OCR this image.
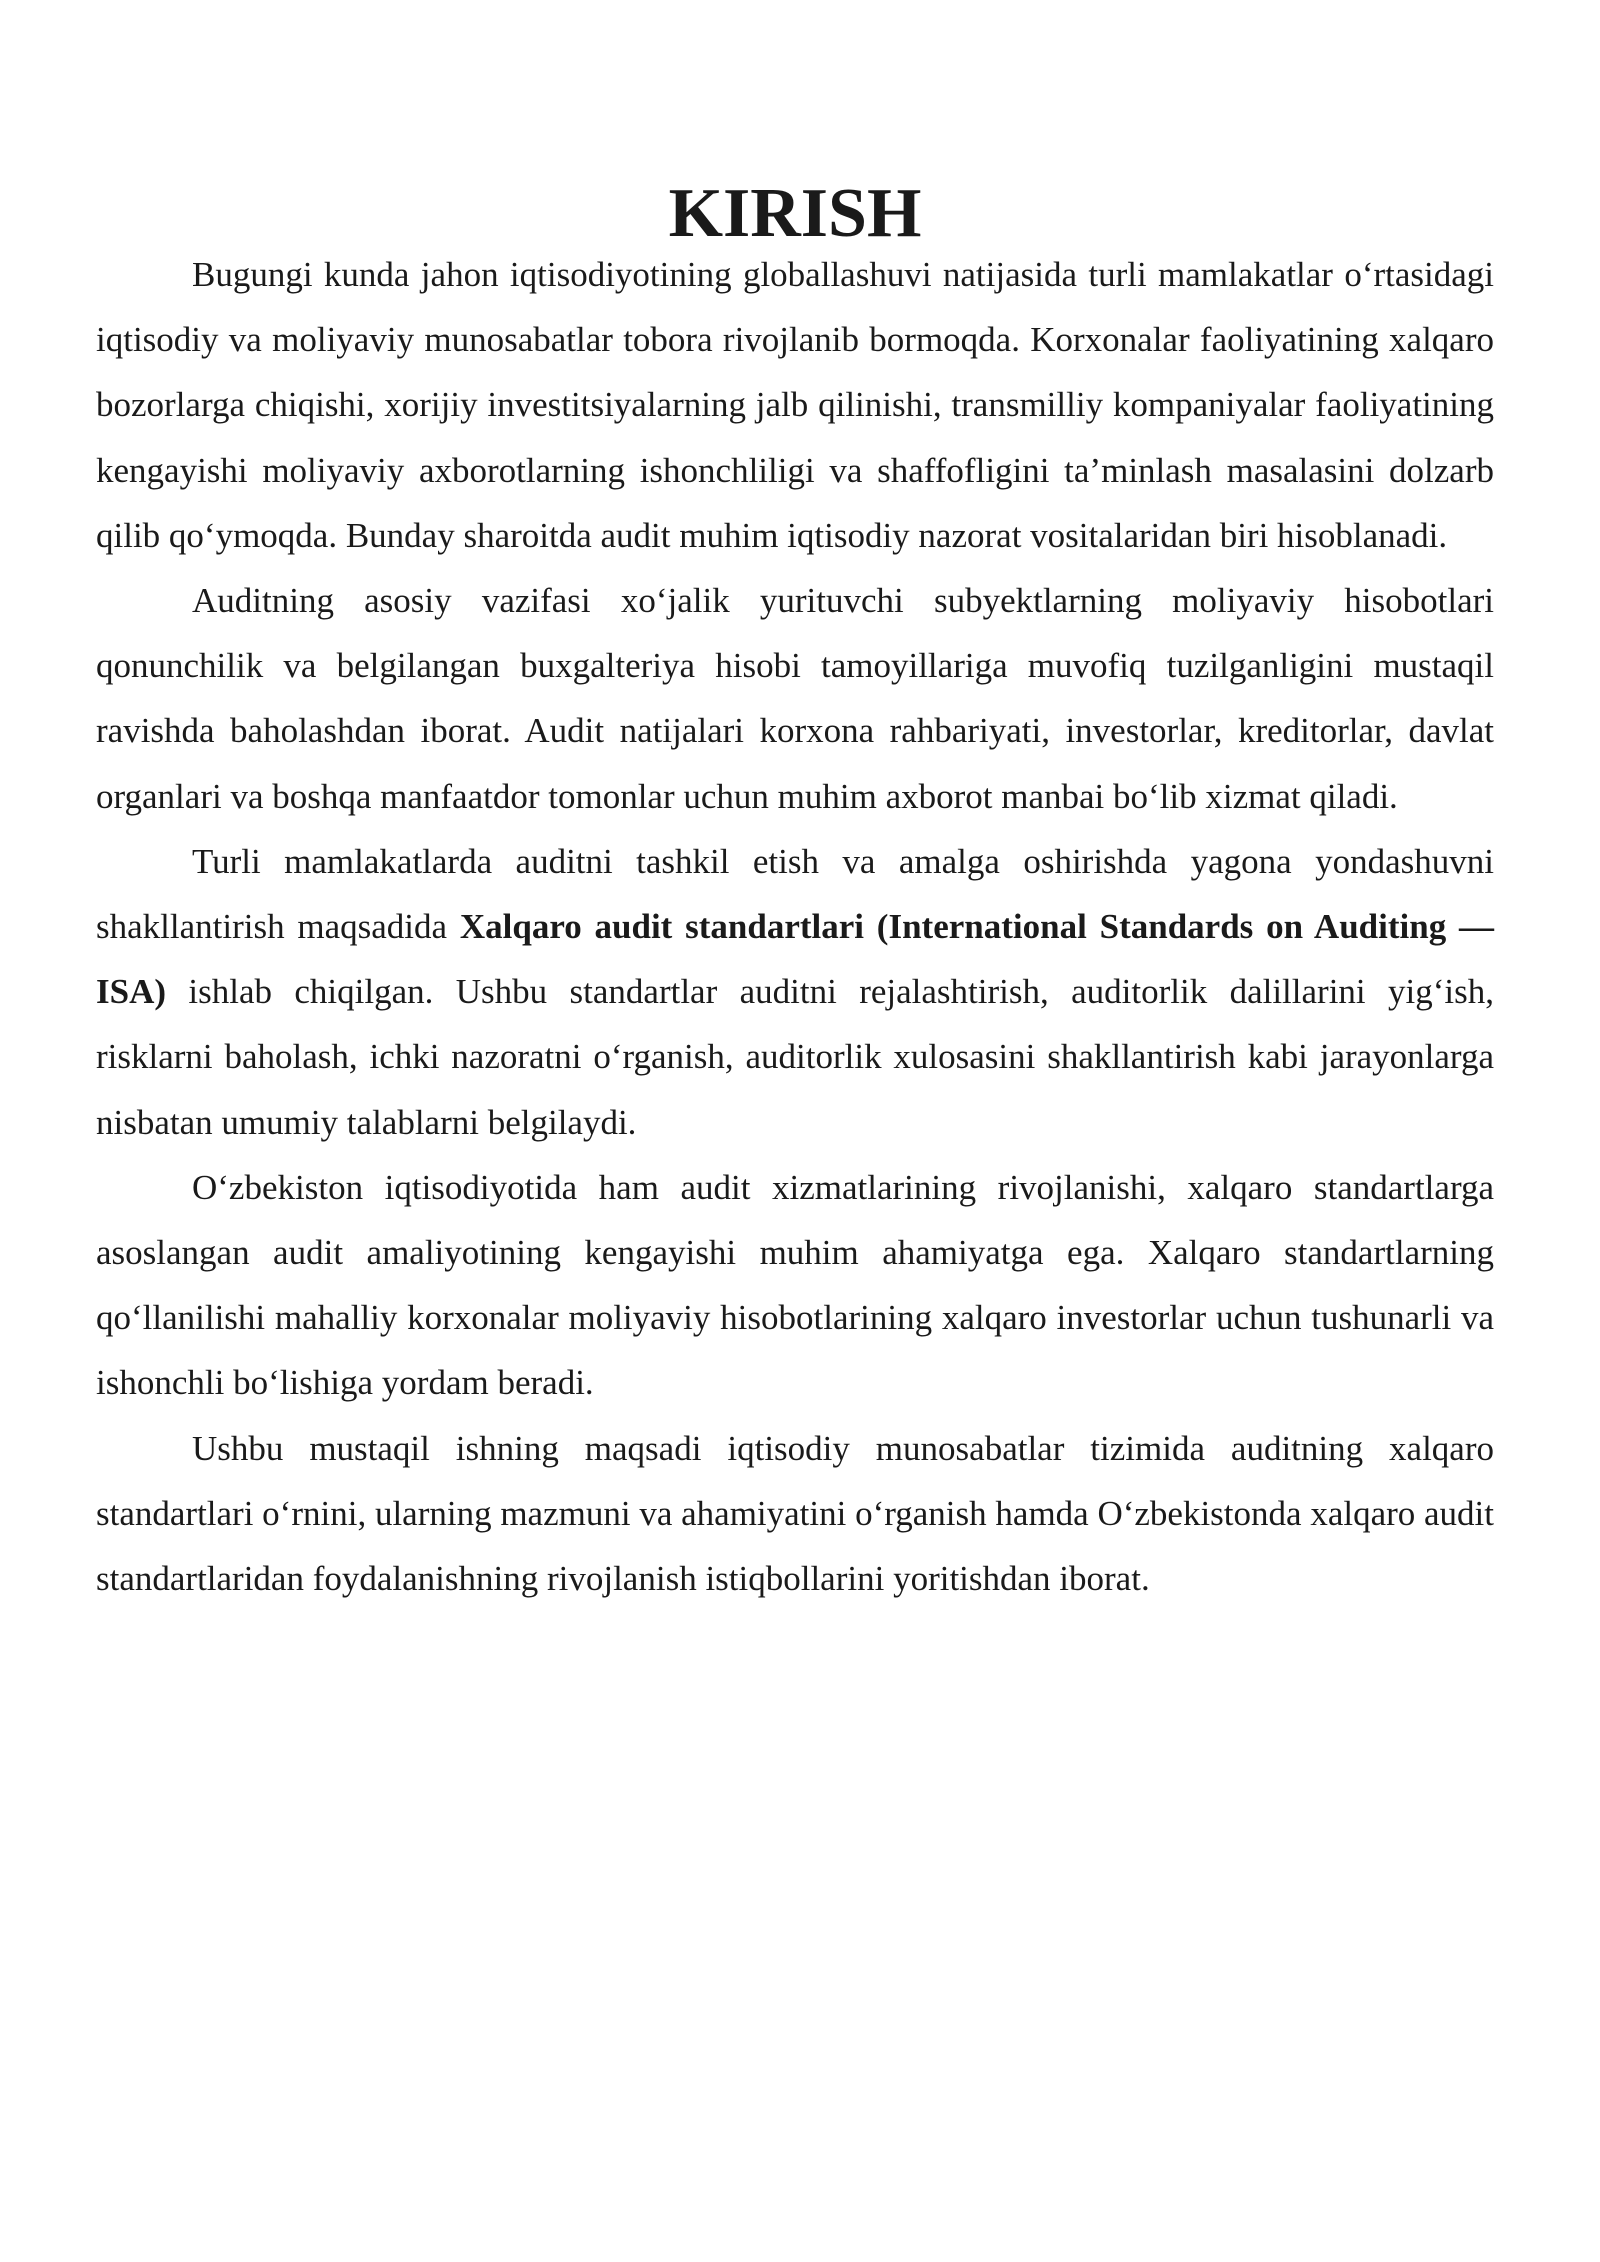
KIRISH

Bugungi kunda jahon iqtisodiyotining globallashuvi natijasida turli mamlakatlar o‘rtasidagi iqtisodiy va moliyaviy munosabatlar tobora rivojlanib bormoqda. Korxonalar faoliyatining xalqaro bozorlarga chiqishi, xorijiy investitsiyalarning jalb qilinishi, transmilliy kompaniyalar faoliyatining kengayishi moliyaviy axborotlarning ishonchliligi va shaffofligini ta’minlash masalasini dolzarb qilib qo‘ymoqda. Bunday sharoitda audit muhim iqtisodiy nazorat vositalaridan biri hisoblanadi.

Auditning asosiy vazifasi xo‘jalik yurituvchi subyektlarning moliyaviy hisobotlari qonunchilik va belgilangan buxgalteriya hisobi tamoyillariga muvofiq tuzilganligini mustaqil ravishda baholashdan iborat. Audit natijalari korxona rahbariyati, investorlar, kreditorlar, davlat organlari va boshqa manfaatdor tomonlar uchun muhim axborot manbai bo‘lib xizmat qiladi.

Turli mamlakatlarda auditni tashkil etish va amalga oshirishda yagona yondashuvni shakllantirish maqsadida Xalqaro audit standartlari (International Standards on Auditing — ISA) ishlab chiqilgan. Ushbu standartlar auditni rejalashtirish, auditorlik dalillarini yig‘ish, risklarni baholash, ichki nazoratni o‘rganish, auditorlik xulosasini shakllantirish kabi jarayonlarga nisbatan umumiy talablarni belgilaydi.

O‘zbekiston iqtisodiyotida ham audit xizmatlarining rivojlanishi, xalqaro standartlarga asoslangan audit amaliyotining kengayishi muhim ahamiyatga ega. Xalqaro standartlarning qo‘llanilishi mahalliy korxonalar moliyaviy hisobotlarining xalqaro investorlar uchun tushunarli va ishonchli bo‘lishiga yordam beradi.

Ushbu mustaqil ishning maqsadi iqtisodiy munosabatlar tizimida auditning xalqaro standartlari o‘rnini, ularning mazmuni va ahamiyatini o‘rganish hamda O‘zbekistonda xalqaro audit standartlaridan foydalanishning rivojlanish istiqbollarini yoritishdan iborat.
